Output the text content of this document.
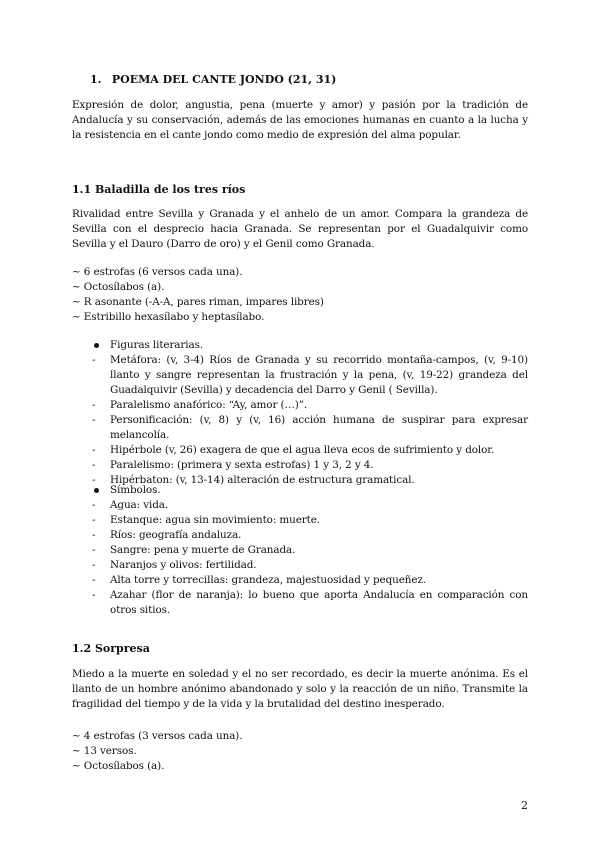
1. POEMA DEL CANTE JONDO (21, 31)
Expresión de dolor, angustia, pena (muerte y amor) y pasión por la tradición de Andalucía y su conservación, además de las emociones humanas en cuanto a la lucha y la resistencia en el cante jondo como medio de expresión del alma popular.
1.1 Baladilla de los tres ríos
Rivalidad entre Sevilla y Granada y el anhelo de un amor. Compara la grandeza de Sevilla con el desprecio hacia Granada. Se representan por el Guadalquivir como Sevilla y el Dauro (Darro de oro) y el Genil como Granada.
~ 6 estrofas (6 versos cada una).
~ Octosílabos (a).
~ R asonante (-A-A, pares riman, impares libres)
~ Estribillo hexasílabo y heptasílabo.
Figuras literarias.
- Metáfora: (v, 3-4) Ríos de Granada y su recorrido montaña-campos, (v, 9-10) llanto y sangre representan la frustración y la pena, (v, 19-22) grandeza del Guadalquivir (Sevilla) y decadencia del Darro y Genil ( Sevilla).
- Paralelismo anafórico: “Ay, amor (…)”.
- Personificación: (v, 8) y (v, 16) acción humana de suspirar para expresar melancolía.
- Hipérbole (v, 26) exagera de que el agua lleva ecos de sufrimiento y dolor.
- Paralelismo: (primera y sexta estrofas) 1 y 3, 2 y 4.
- Hipérbaton: (v, 13-14) alteración de estructura gramatical.
Símbolos.
- Agua: vida.
- Estanque: agua sin movimiento: muerte.
- Ríos: geografía andaluza.
- Sangre: pena y muerte de Granada.
- Naranjos y olivos: fertilidad.
- Alta torre y torrecillas: grandeza, majestuosidad y pequeñez.
- Azahar (flor de naranja): lo bueno que aporta Andalucía en comparación con otros sitios.
1.2 Sorpresa
Miedo a la muerte en soledad y el no ser recordado, es decir la muerte anónima. Es el llanto de un hombre anónimo abandonado y solo y la reacción de un niño. Transmite la fragilidad del tiempo y de la vida y la brutalidad del destino inesperado.
~ 4 estrofas (3 versos cada una).
~ 13 versos.
~ Octosílabos (a).
2
